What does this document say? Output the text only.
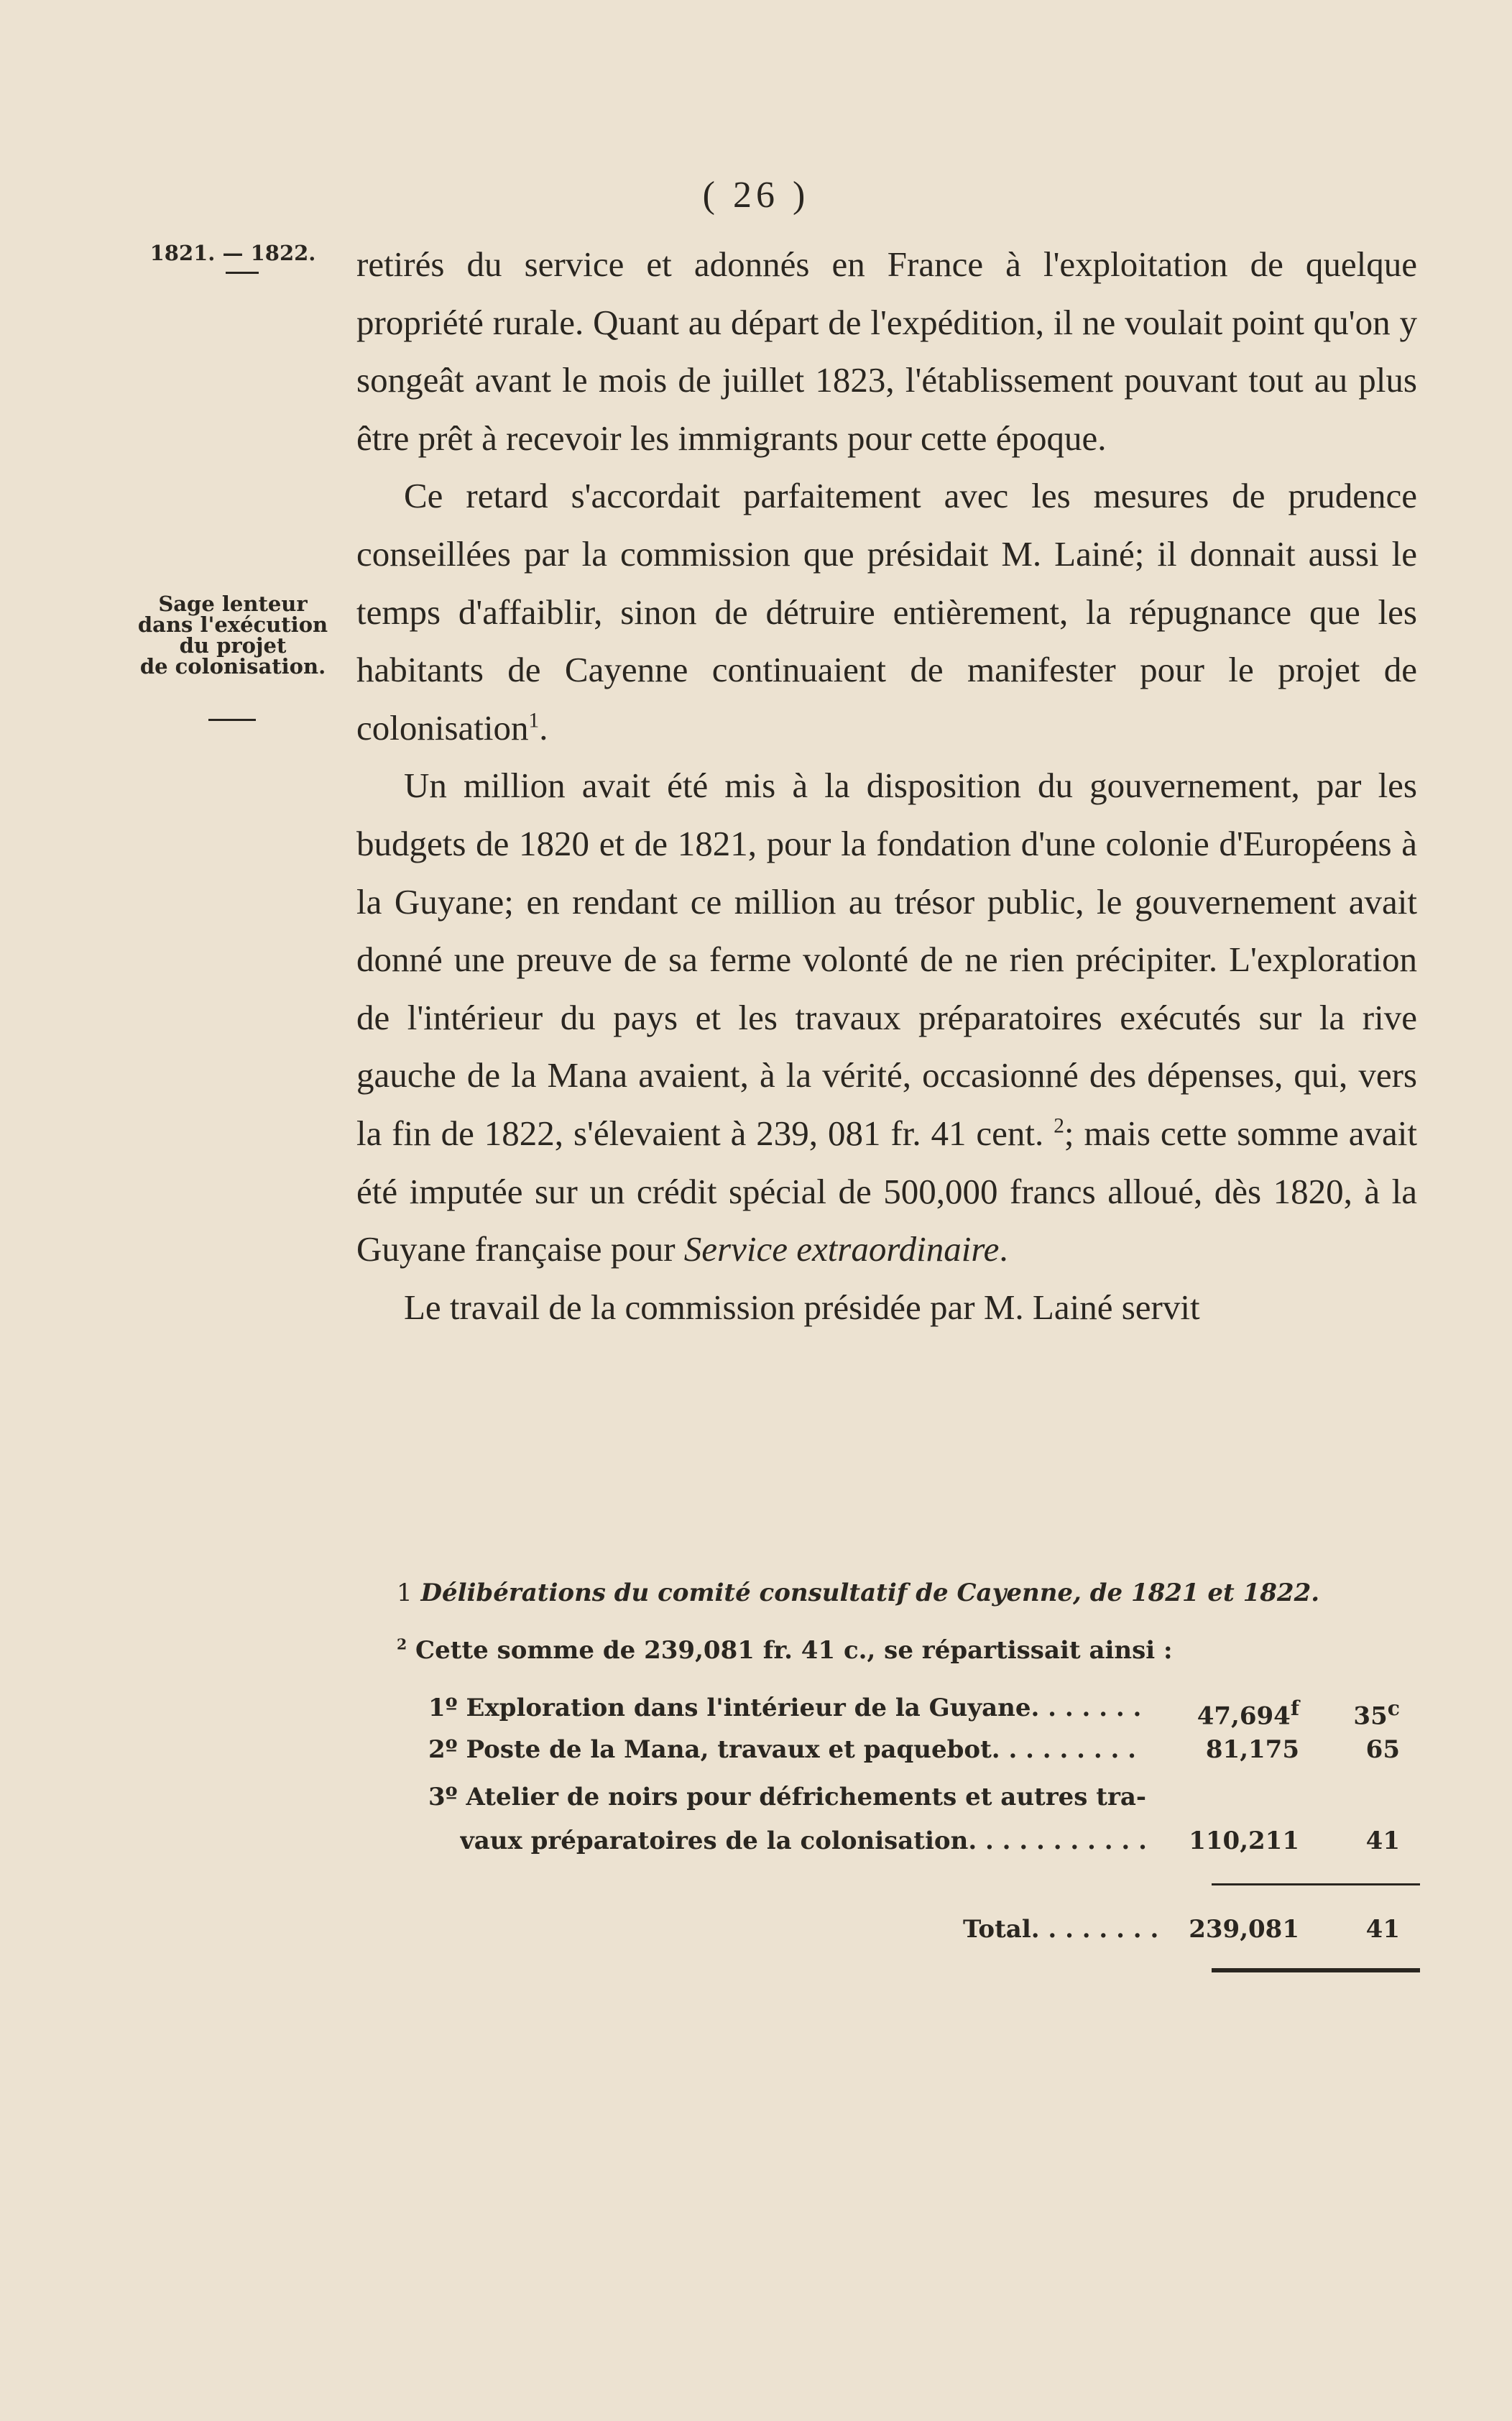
( 26 )
1821. — 1822.
Sage lenteur
dans l'exécution
du projet
de colonisation.

retirés du service et adonnés en France à l'exploitation de quelque propriété rurale. Quant au départ de l'expédition, il ne voulait point qu'on y songeât avant le mois de juillet 1823, l'établissement pouvant tout au plus être prêt à recevoir les immigrants pour cette époque.

Ce retard s'accordait parfaitement avec les mesures de prudence conseillées par la commission que présidait M. Lainé; il donnait aussi le temps d'affaiblir, sinon de détruire entièrement, la répugnance que les habitants de Cayenne continuaient de manifester pour le projet de colonisation$^1$.

Un million avait été mis à la disposition du gouvernement, par les budgets de 1820 et de 1821, pour la fondation d'une colonie d'Européens à la Guyane; en rendant ce million au trésor public, le gouvernement avait donné une preuve de sa ferme volonté de ne rien précipiter. L'exploration de l'intérieur du pays et les travaux préparatoires exécutés sur la rive gauche de la Mana avaient, à la vérité, occasionné des dépenses, qui, vers la fin de 1822, s'élevaient à 239, 081 fr. 41 cent. $^2$; mais cette somme avait été imputée sur un crédit spécial de 500,000 francs alloué, dès 1820, à la Guyane française pour Service extraordinaire.

Le travail de la commission présidée par M. Lainé servit

1 Délibérations du comité consultatif de Cayenne, de 1821 et 1822.
$^2$ Cette somme de 239,081 fr. 41 c., se répartissait ainsi :
1º Exploration dans l'intérieur de la Guyane. . . . . . .	47,694$^f$	35$^c$
2º Poste de la Mana, travaux et paquebot. . . . . . . . .	81,175	65
3º Atelier de noirs pour défrichements et autres tra-
vaux préparatoires de la colonisation. . . . . . . . . . .	110,211	41
Total. . . . . . . .	239,081	41
